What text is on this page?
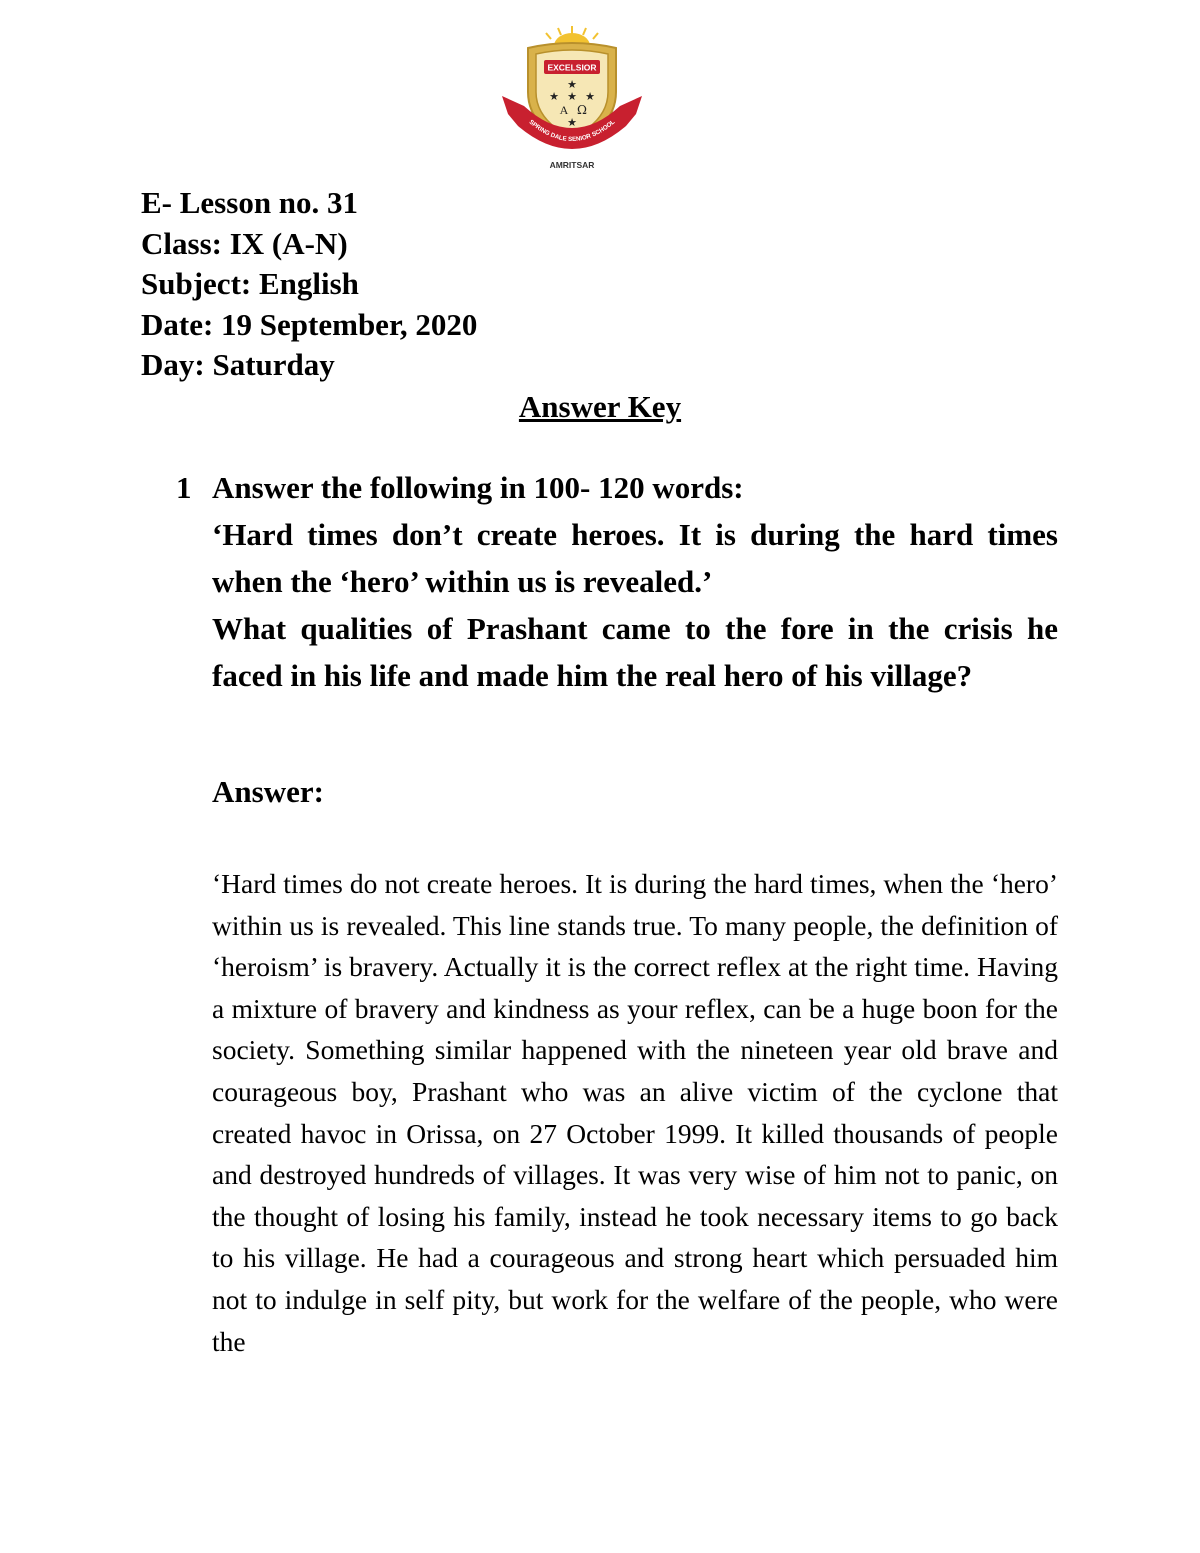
EXCELSIOR
★
★ ★ ★
★
A Ω
SPRING DALE SENIOR SCHOOL
AMRITSAR
E- Lesson no. 31
Class: IX (A-N)
Subject: English
Date: 19 September, 2020
Day: Saturday
Answer Key
1 Answer the following in 100- 120 words:
‘Hard times don’t create heroes. It is during the hard times when the ‘hero’ within us is revealed.’
What qualities of Prashant came to the fore in the crisis he faced in his life and made him the real hero of his village?
Answer:
‘Hard times do not create heroes. It is during the hard times, when the ‘hero’ within us is revealed. This line stands true. To many people, the definition of ‘heroism’ is bravery. Actually it is the correct reflex at the right time. Having a mixture of bravery and kindness as your reflex, can be a huge boon for the society. Something similar happened with the nineteen year old brave and courageous boy, Prashant who was an alive victim of the cyclone that created havoc in Orissa, on 27 October 1999. It killed thousands of people and destroyed hundreds of villages. It was very wise of him not to panic, on the thought of losing his family, instead he took necessary items to go back to his village. He had a courageous and strong heart which persuaded him not to indulge in self pity, but work for the welfare of the people, who were the
